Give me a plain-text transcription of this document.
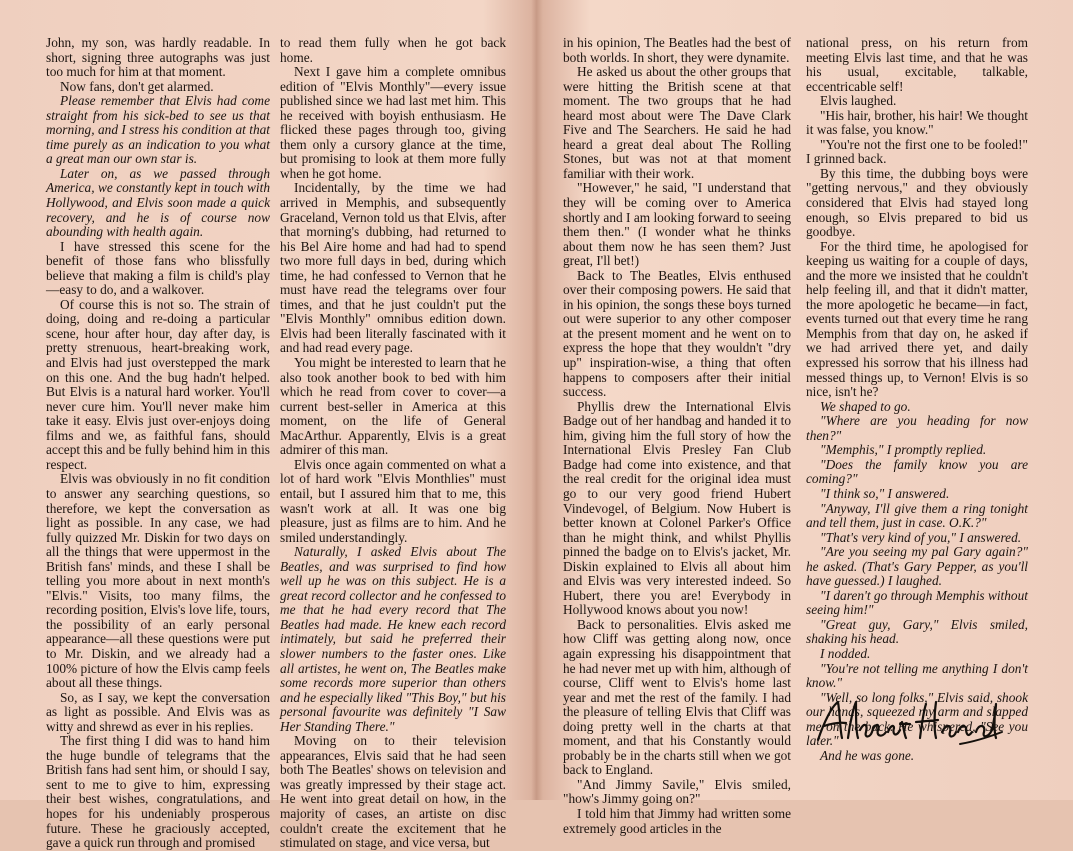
John, my son, was hardly readable. In short, signing three autographs was just too much for him at that moment.

Now fans, don't get alarmed.

Please remember that Elvis had come straight from his sick-bed to see us that morning, and I stress his condition at that time purely as an indication to you what a great man our own star is.

Later on, as we passed through America, we constantly kept in touch with Hollywood, and Elvis soon made a quick recovery, and he is of course now abounding with health again.

I have stressed this scene for the benefit of those fans who blissfully believe that making a film is child's play—easy to do, and a walkover.

Of course this is not so. The strain of doing, doing and re-doing a particular scene, hour after hour, day after day, is pretty strenuous, heart-breaking work, and Elvis had just overstepped the mark on this one. And the bug hadn't helped. But Elvis is a natural hard worker. You'll never cure him. You'll never make him take it easy. Elvis just over-enjoys doing films and we, as faithful fans, should accept this and be fully behind him in this respect.

Elvis was obviously in no fit condition to answer any searching questions, so therefore, we kept the conversation as light as possible. In any case, we had fully quizzed Mr. Diskin for two days on all the things that were uppermost in the British fans' minds, and these I shall be telling you more about in next month's "Elvis." Visits, too many films, the recording position, Elvis's love life, tours, the possibility of an early personal appearance—all these questions were put to Mr. Diskin, and we already had a 100% picture of how the Elvis camp feels about all these things.

So, as I say, we kept the conversation as light as possible. And Elvis was as witty and shrewd as ever in his replies.

The first thing I did was to hand him the huge bundle of telegrams that the British fans had sent him, or should I say, sent to me to give to him, expressing their best wishes, congratulations, and hopes for his undeniably prosperous future. These he graciously accepted, gave a quick run through and promised

to read them fully when he got back home.

Next I gave him a complete omnibus edition of "Elvis Monthly"—every issue published since we had last met him. This he received with boyish enthusiasm. He flicked these pages through too, giving them only a cursory glance at the time, but promising to look at them more fully when he got home.

Incidentally, by the time we had arrived in Memphis, and subsequently Graceland, Vernon told us that Elvis, after that morning's dubbing, had returned to his Bel Aire home and had had to spend two more full days in bed, during which time, he had confessed to Vernon that he must have read the telegrams over four times, and that he just couldn't put the "Elvis Monthly" omnibus edition down. Elvis had been literally fascinated with it and had read every page.

You might be interested to learn that he also took another book to bed with him which he read from cover to cover—a current best-seller in America at this moment, on the life of General MacArthur. Apparently, Elvis is a great admirer of this man.

Elvis once again commented on what a lot of hard work "Elvis Monthlies" must entail, but I assured him that to me, this wasn't work at all. It was one big pleasure, just as films are to him. And he smiled understandingly.

Naturally, I asked Elvis about The Beatles, and was surprised to find how well up he was on this subject. He is a great record collector and he confessed to me that he had every record that The Beatles had made. He knew each record intimately, but said he preferred their slower numbers to the faster ones. Like all artistes, he went on, The Beatles make some records more superior than others and he especially liked "This Boy," but his personal favourite was definitely "I Saw Her Standing There."

Moving on to their television appearances, Elvis said that he had seen both The Beatles' shows on television and was greatly impressed by their stage act. He went into great detail on how, in the majority of cases, an artiste on disc couldn't create the excitement that he stimulated on stage, and vice versa, but

in his opinion, The Beatles had the best of both worlds. In short, they were dynamite.

He asked us about the other groups that were hitting the British scene at that moment. The two groups that he had heard most about were The Dave Clark Five and The Searchers. He said he had heard a great deal about The Rolling Stones, but was not at that moment familiar with their work.

"However," he said, "I understand that they will be coming over to America shortly and I am looking forward to seeing them then." (I wonder what he thinks about them now he has seen them? Just great, I'll bet!)

Back to The Beatles, Elvis enthused over their composing powers. He said that in his opinion, the songs these boys turned out were superior to any other composer at the present moment and he went on to express the hope that they wouldn't "dry up" inspiration-wise, a thing that often happens to composers after their initial success.

Phyllis drew the International Elvis Badge out of her handbag and handed it to him, giving him the full story of how the International Elvis Presley Fan Club Badge had come into existence, and that the real credit for the original idea must go to our very good friend Hubert Vindevogel, of Belgium. Now Hubert is better known at Colonel Parker's Office than he might think, and whilst Phyllis pinned the badge on to Elvis's jacket, Mr. Diskin explained to Elvis all about him and Elvis was very interested indeed. So Hubert, there you are! Everybody in Hollywood knows about you now!

Back to personalities. Elvis asked me how Cliff was getting along now, once again expressing his disappointment that he had never met up with him, although of course, Cliff went to Elvis's home last year and met the rest of the family. I had the pleasure of telling Elvis that Cliff was doing pretty well in the charts at that moment, and that his Constantly would probably be in the charts still when we got back to England.

"And Jimmy Savile," Elvis smiled, "how's Jimmy going on?"

I told him that Jimmy had written some extremely good articles in the

national press, on his return from meeting Elvis last time, and that he was his usual, excitable, talkable, eccentricable self!

Elvis laughed.

"His hair, brother, his hair! We thought it was false, you know."

"You're not the first one to be fooled!" I grinned back.

By this time, the dubbing boys were "getting nervous," and they obviously considered that Elvis had stayed long enough, so Elvis prepared to bid us goodbye.

For the third time, he apologised for keeping us waiting for a couple of days, and the more we insisted that he couldn't help feeling ill, and that it didn't matter, the more apologetic he became—in fact, events turned out that every time he rang Memphis from that day on, he asked if we had arrived there yet, and daily expressed his sorrow that his illness had messed things up, to Vernon! Elvis is so nice, isn't he?

We shaped to go.

"Where are you heading for now then?"

"Memphis," I promptly replied.

"Does the family know you are coming?"

"I think so," I answered.

"Anyway, I'll give them a ring tonight and tell them, just in case. O.K.?"

"That's very kind of you," I answered.

"Are you seeing my pal Gary again?" he asked. (That's Gary Pepper, as you'll have guessed.) I laughed.

"I daren't go through Memphis without seeing him!"

"Great guy, Gary," Elvis smiled, shaking his head.

I nodded.

"You're not telling me anything I don't know."

"Well, so long folks," Elvis said, shook our hands, squeezed my arm and slapped me on the back. He whispered, "See you later."

And he was gone.
